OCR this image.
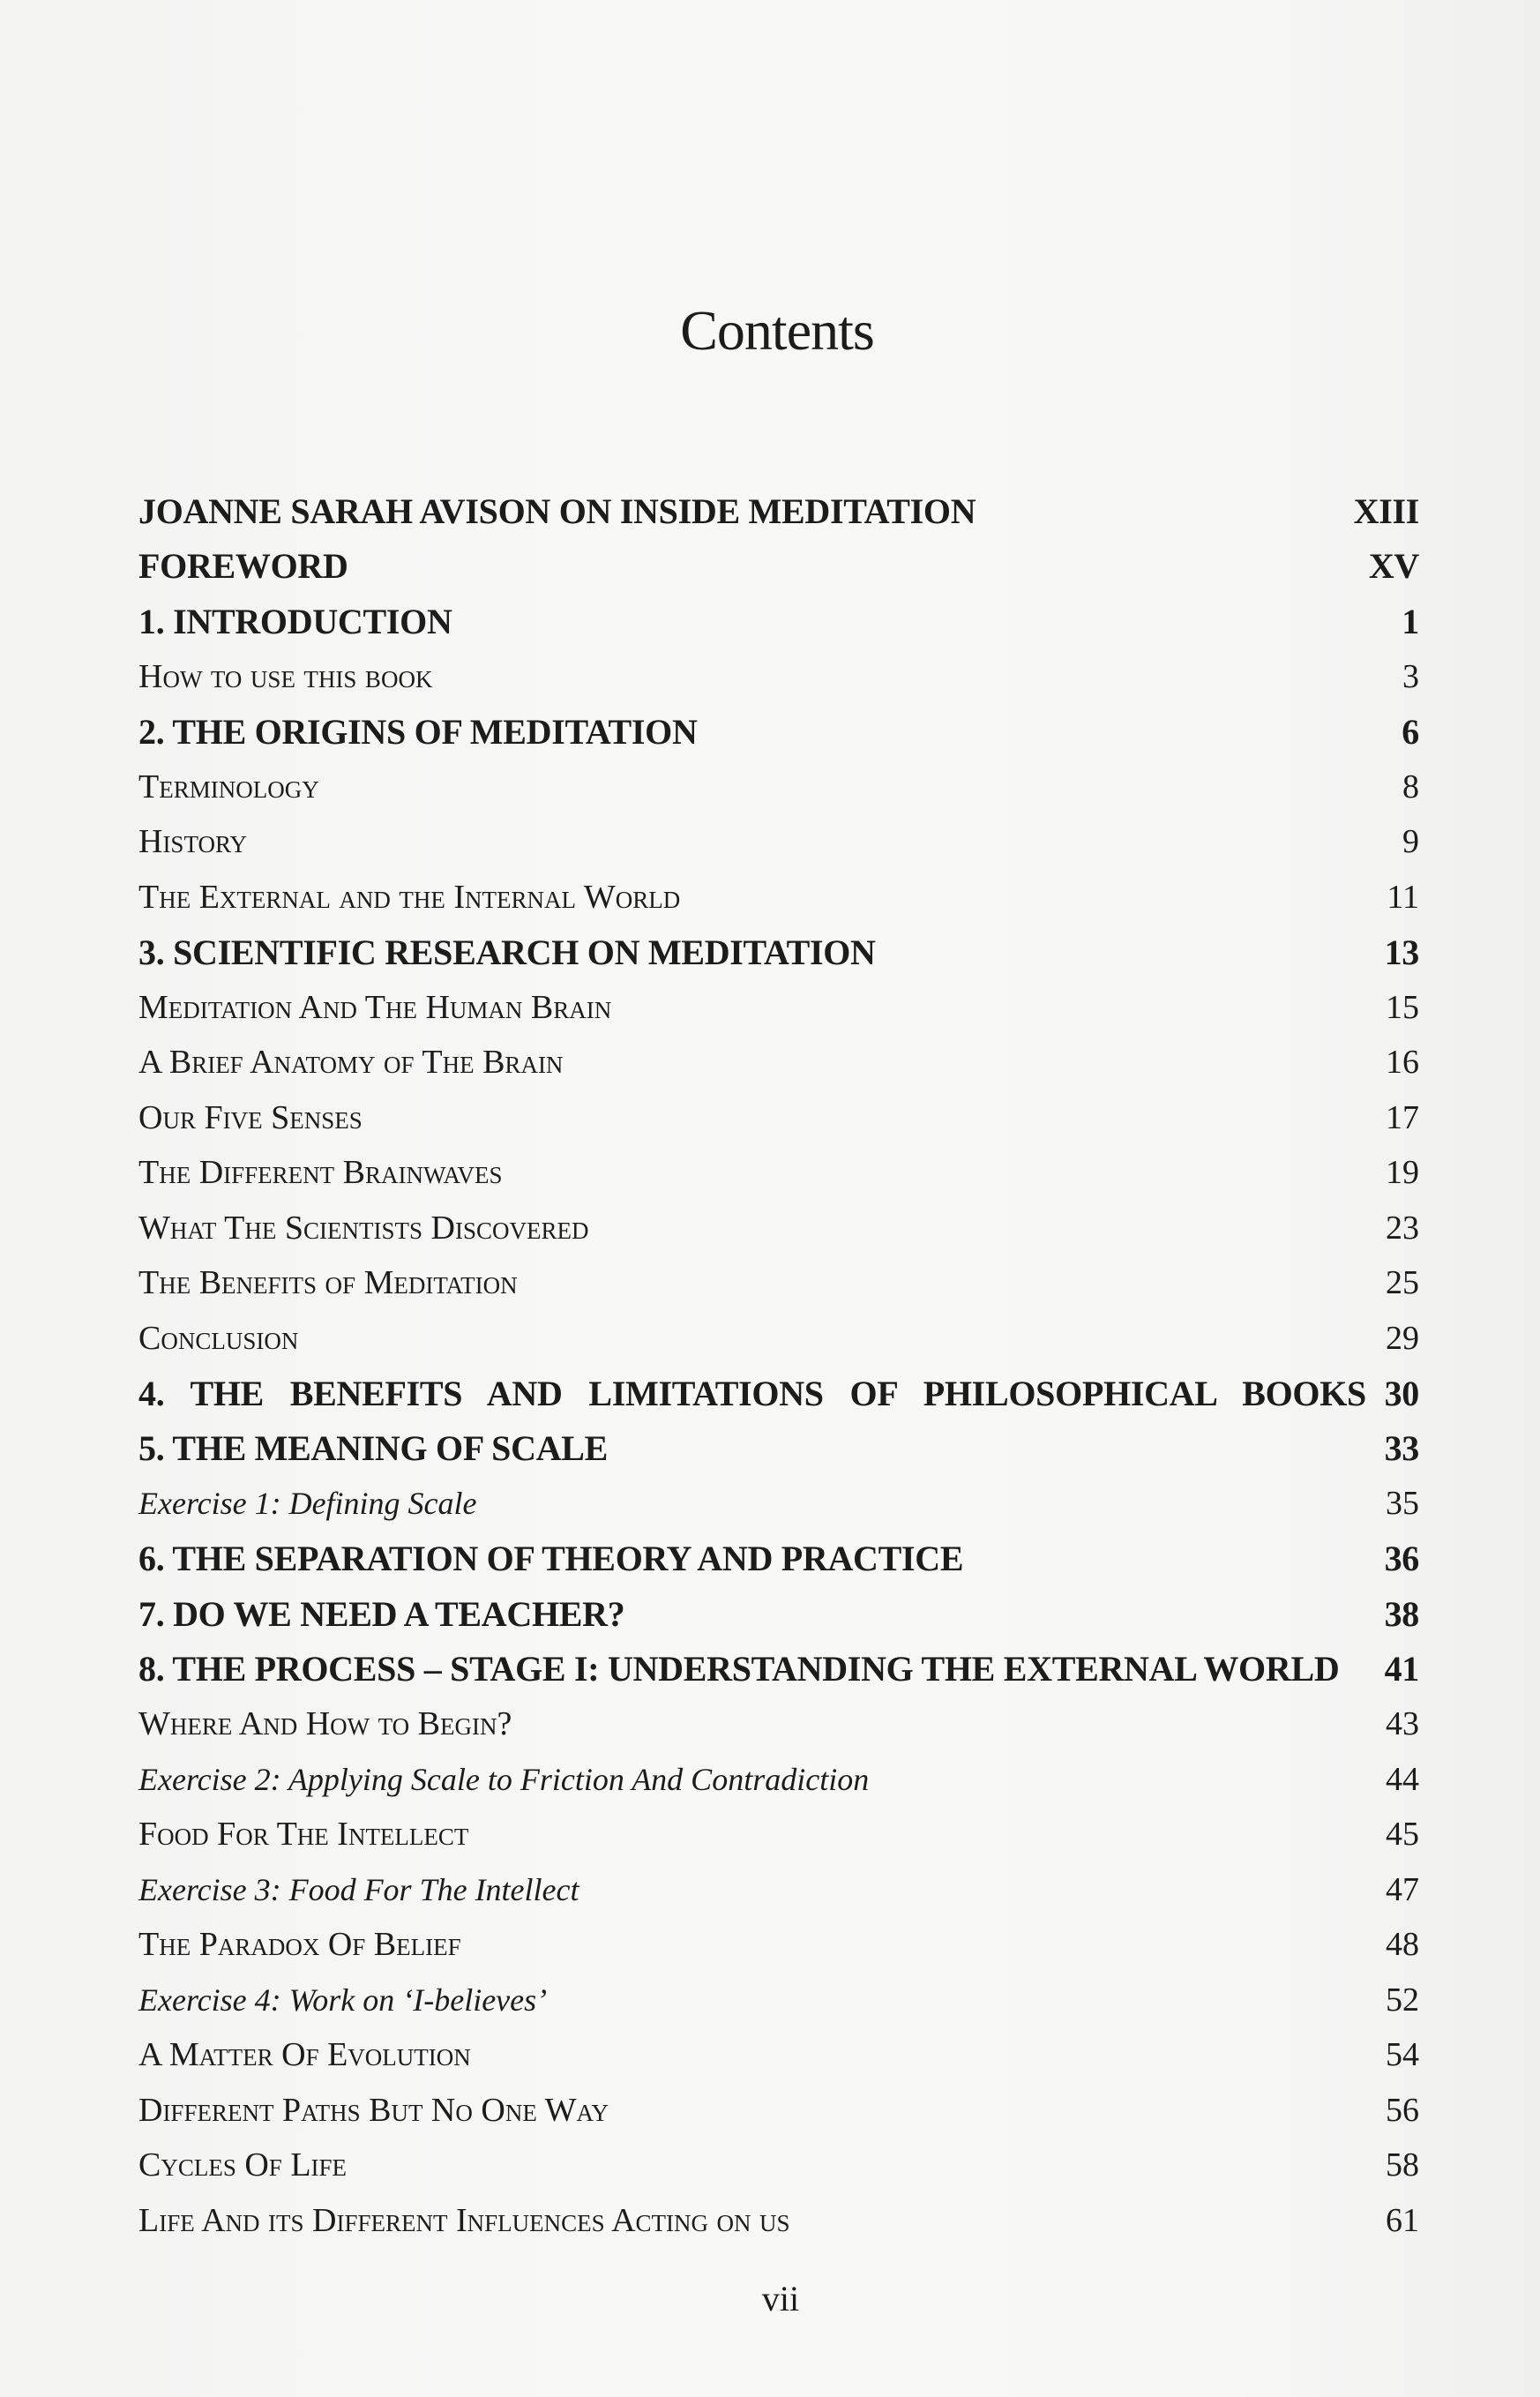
Contents
JOANNE SARAH AVISON ON INSIDE MEDITATION	XIII
FOREWORD	XV
1. INTRODUCTION	1
How to use this book	3
2. THE ORIGINS OF MEDITATION	6
Terminology	8
History	9
The External and the Internal World	11
3. SCIENTIFIC RESEARCH ON MEDITATION	13
Meditation And The Human Brain	15
A Brief Anatomy of The Brain	16
Our Five Senses	17
The Different Brainwaves	19
What The Scientists Discovered	23
The Benefits of Meditation	25
Conclusion	29
4. THE BENEFITS AND LIMITATIONS OF PHILOSOPHICAL BOOKS 30
5. THE MEANING OF SCALE	33
Exercise 1: Defining Scale	35
6. THE SEPARATION OF THEORY AND PRACTICE	36
7. DO WE NEED A TEACHER?	38
8. THE PROCESS – STAGE I: UNDERSTANDING THE EXTERNAL WORLD 41
Where And How to Begin?	43
Exercise 2: Applying Scale to Friction And Contradiction	44
Food For The Intellect	45
Exercise 3: Food For The Intellect	47
The Paradox Of Belief	48
Exercise 4: Work on ‘I-believes’	52
A Matter Of Evolution	54
Different Paths But No One Way	56
Cycles Of Life	58
Life And its Different Influences Acting on us	61
vii
